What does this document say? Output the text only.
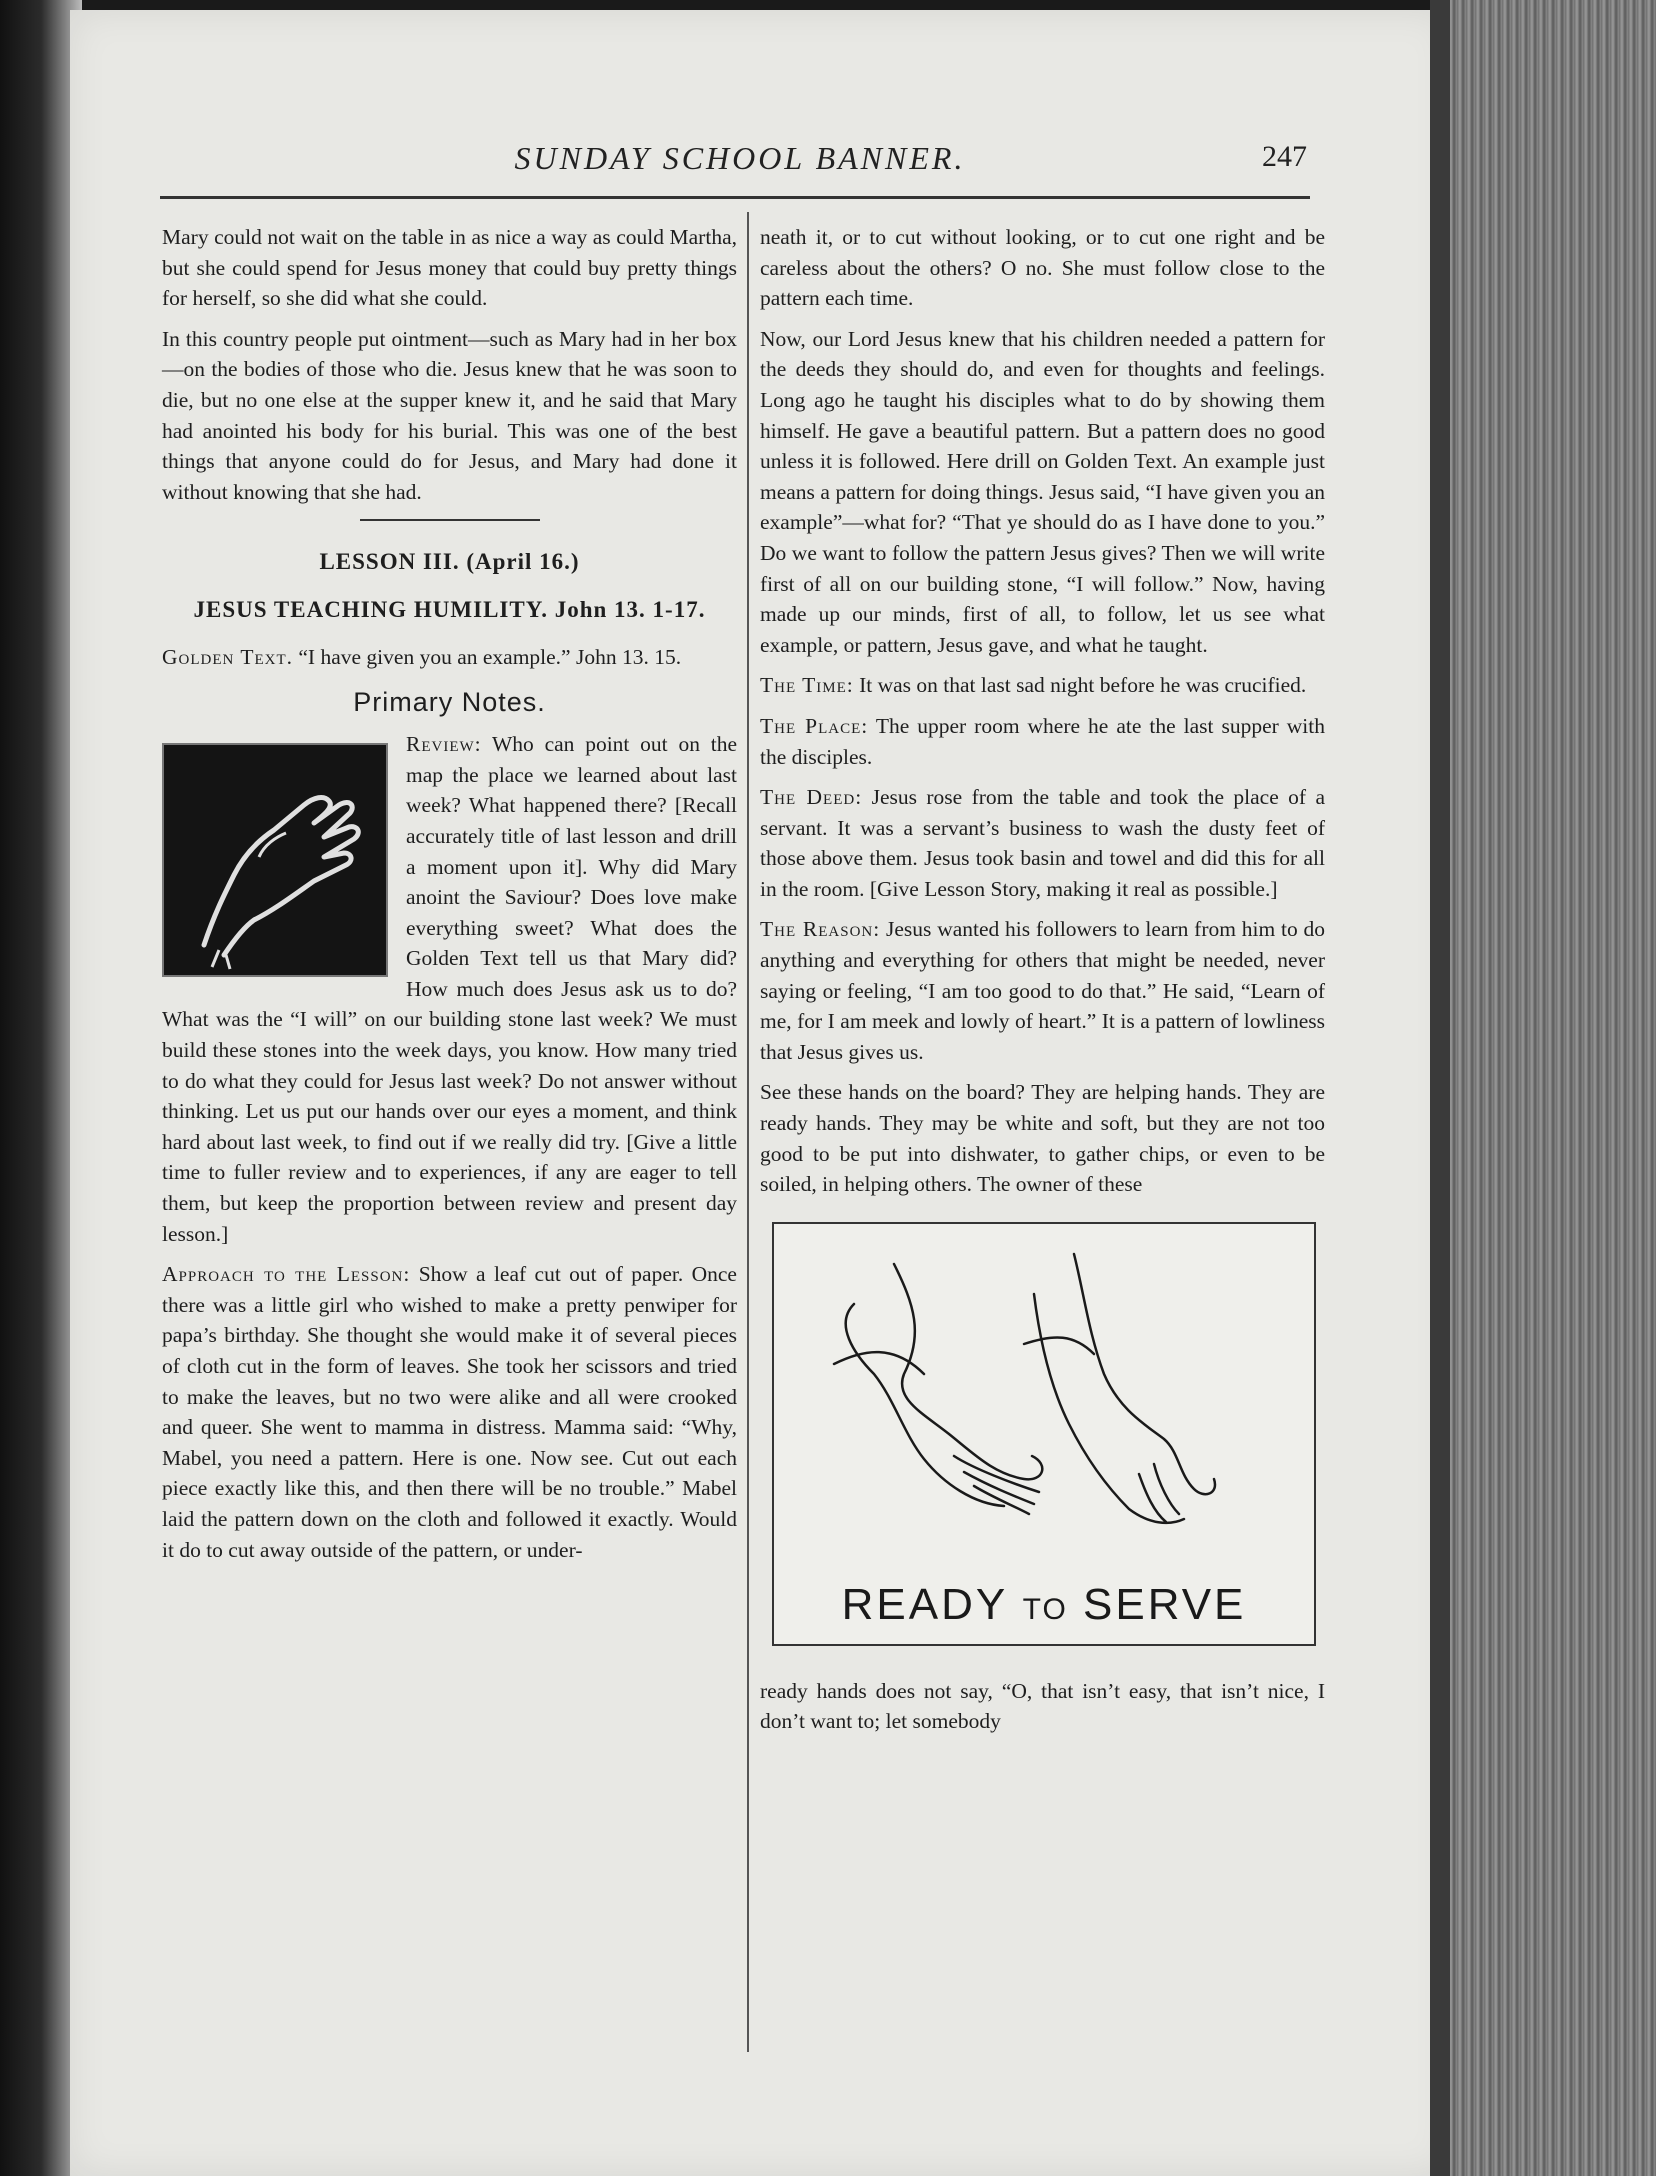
SUNDAY SCHOOL BANNER.	247

Mary could not wait on the table in as nice a way as could Martha, but she could spend for Jesus money that could buy pretty things for herself, so she did what she could.

In this country people put ointment—such as Mary had in her box—on the bodies of those who die. Jesus knew that he was soon to die, but no one else at the supper knew it, and he said that Mary had anointed his body for his burial. This was one of the best things that anyone could do for Jesus, and Mary had done it without knowing that she had.

LESSON III. (April 16.)
JESUS TEACHING HUMILITY. John 13. 1-17.

Golden Text. “I have given you an example.” John 13. 15.

Primary Notes.

Review: Who can point out on the map the place we learned about last week? What happened there? [Recall accurately title of last lesson and drill a moment upon it]. Why did Mary anoint the Saviour? Does love make everything sweet? What does the Golden Text tell us that Mary did? How much does Jesus ask us to do? What was the “I will” on our building stone last week? We must build these stones into the week days, you know. How many tried to do what they could for Jesus last week? Do not answer without thinking. Let us put our hands over our eyes a moment, and think hard about last week, to find out if we really did try. [Give a little time to fuller review and to experiences, if any are eager to tell them, but keep the proportion between review and present day lesson.]

Approach to the Lesson: Show a leaf cut out of paper. Once there was a little girl who wished to make a pretty penwiper for papa’s birthday. She thought she would make it of several pieces of cloth cut in the form of leaves. She took her scissors and tried to make the leaves, but no two were alike and all were crooked and queer. She went to mamma in distress. Mamma said: “Why, Mabel, you need a pattern. Here is one. Now see. Cut out each piece exactly like this, and then there will be no trouble.” Mabel laid the pattern down on the cloth and followed it exactly. Would it do to cut away outside of the pattern, or under-

neath it, or to cut without looking, or to cut one right and be careless about the others? O no. She must follow close to the pattern each time.

Now, our Lord Jesus knew that his children needed a pattern for the deeds they should do, and even for thoughts and feelings. Long ago he taught his disciples what to do by showing them himself. He gave a beautiful pattern. But a pattern does no good unless it is followed. Here drill on Golden Text. An example just means a pattern for doing things. Jesus said, “I have given you an example”—what for? “That ye should do as I have done to you.” Do we want to follow the pattern Jesus gives? Then we will write first of all on our building stone, “I will follow.” Now, having made up our minds, first of all, to follow, let us see what example, or pattern, Jesus gave, and what he taught.

The Time: It was on that last sad night before he was crucified.

The Place: The upper room where he ate the last supper with the disciples.

The Deed: Jesus rose from the table and took the place of a servant. It was a servant’s business to wash the dusty feet of those above them. Jesus took basin and towel and did this for all in the room. [Give Lesson Story, making it real as possible.]

The Reason: Jesus wanted his followers to learn from him to do anything and everything for others that might be needed, never saying or feeling, “I am too good to do that.” He said, “Learn of me, for I am meek and lowly of heart.” It is a pattern of lowliness that Jesus gives us.

See these hands on the board? They are helping hands. They are ready hands. They may be white and soft, but they are not too good to be put into dishwater, to gather chips, or even to be soiled, in helping others. The owner of these

READY TO SERVE

ready hands does not say, “O, that isn’t easy, that isn’t nice, I don’t want to; let somebody
